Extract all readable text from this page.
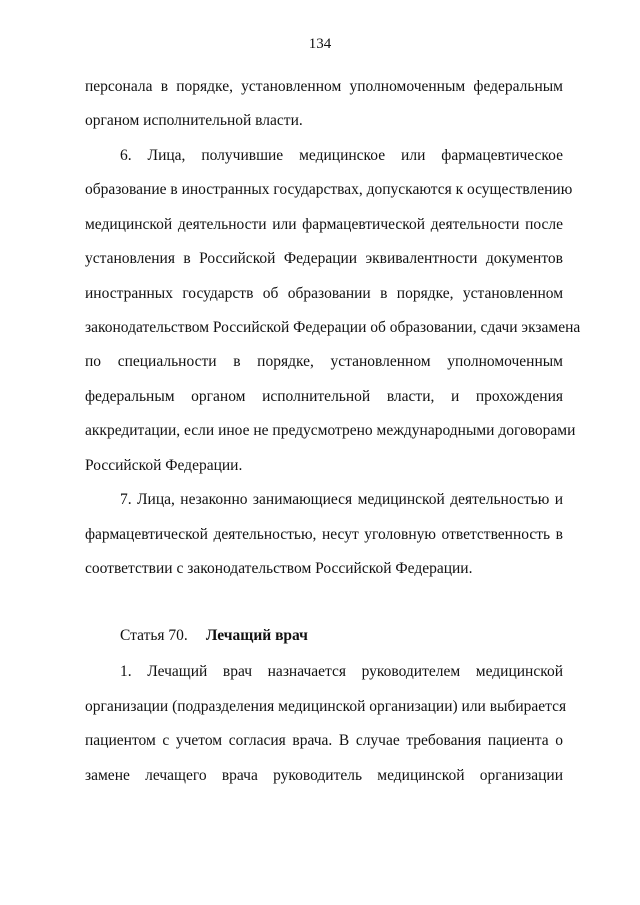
134
персонала в порядке, установленном уполномоченным федеральным
органом исполнительной власти.
6. Лица, получившие медицинское или фармацевтическое
образование в иностранных государствах, допускаются к осуществлению
медицинской деятельности или фармацевтической деятельности после
установления в Российской Федерации эквивалентности документов
иностранных государств об образовании в порядке, установленном
законодательством Российской Федерации об образовании, сдачи экзамена
по специальности в порядке, установленном уполномоченным
федеральным органом исполнительной власти, и прохождения
аккредитации, если иное не предусмотрено международными договорами
Российской Федерации.
7. Лица, незаконно занимающиеся медицинской деятельностью и
фармацевтической деятельностью, несут уголовную ответственность в
соответствии с законодательством Российской Федерации.
Статья 70. Лечащий врач
1. Лечащий врач назначается руководителем медицинской
организации (подразделения медицинской организации) или выбирается
пациентом с учетом согласия врача. В случае требования пациента о
замене лечащего врача руководитель медицинской организации
